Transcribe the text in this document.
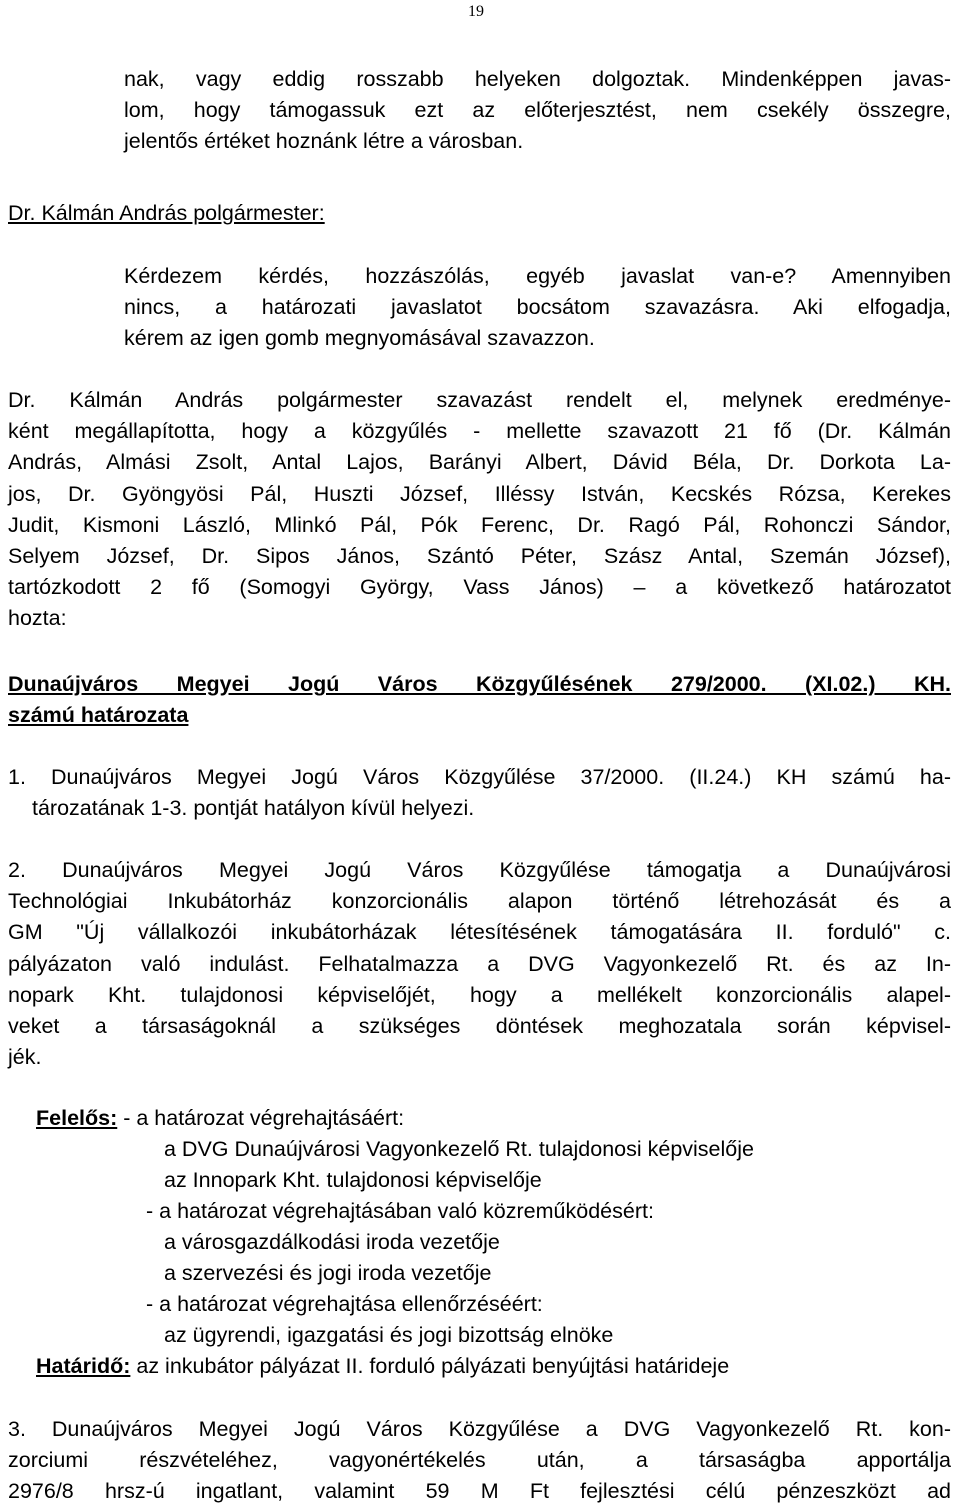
19
nak, vagy eddig rosszabb helyeken dolgoztak. Mindenképpen javas-
lom, hogy támogassuk ezt az előterjesztést, nem csekély összegre,
jelentős értéket hoznánk létre a városban.
Dr. Kálmán András polgármester:
Kérdezem kérdés, hozzászólás, egyéb javaslat van-e? Amennyiben
nincs, a határozati javaslatot bocsátom szavazásra. Aki elfogadja,
kérem az igen gomb megnyomásával szavazzon.
Dr. Kálmán András polgármester szavazást rendelt el, melynek eredménye-
ként megállapította, hogy a közgyűlés - mellette szavazott 21 fő (Dr. Kálmán
András, Almási Zsolt, Antal Lajos, Barányi Albert, Dávid Béla, Dr. Dorkota La-
jos, Dr. Gyöngyösi Pál, Huszti József, Illéssy István, Kecskés Rózsa, Kerekes
Judit, Kismoni László, Mlinkó Pál, Pók Ferenc, Dr. Ragó Pál, Rohonczi Sándor,
Selyem József, Dr. Sipos János, Szántó Péter, Szász Antal, Szemán József),
tartózkodott 2 fő (Somogyi György, Vass János) – a következő határozatot
hozta:
Dunaújváros Megyei Jogú Város Közgyűlésének 279/2000. (XI.02.) KH.
számú határozata
1. Dunaújváros Megyei Jogú Város Közgyűlése 37/2000. (II.24.) KH számú ha-
tározatának 1-3. pontját hatályon kívül helyezi.
2. Dunaújváros Megyei Jogú Város Közgyűlése támogatja a Dunaújvárosi
Technológiai Inkubátorház konzorcionális alapon történő létrehozását és a
GM "Új vállalkozói inkubátorházak létesítésének támogatására II. forduló" c.
pályázaton való indulást. Felhatalmazza a DVG Vagyonkezelő Rt. és az In-
nopark Kht. tulajdonosi képviselőjét, hogy a mellékelt konzorcionális alapel-
veket a társaságoknál a szükséges döntések meghozatala során képvisel-
jék.
Felelős: - a határozat végrehajtásáért:
a DVG Dunaújvárosi Vagyonkezelő Rt. tulajdonosi képviselője
az Innopark Kht. tulajdonosi képviselője
- a határozat végrehajtásában való közreműködésért:
a városgazdálkodási iroda vezetője
a szervezési és jogi iroda vezetője
- a határozat végrehajtása ellenőrzéséért:
az ügyrendi, igazgatási és jogi bizottság elnöke
Határidő: az inkubátor pályázat II. forduló pályázati benyújtási határideje
3. Dunaújváros Megyei Jogú Város Közgyűlése a DVG Vagyonkezelő Rt. kon-
zorciumi részvételéhez, vagyonértékelés után, a társaságba apportálja
2976/8 hrsz-ú ingatlant, valamint 59 M Ft fejlesztési célú pénzeszközt ad
